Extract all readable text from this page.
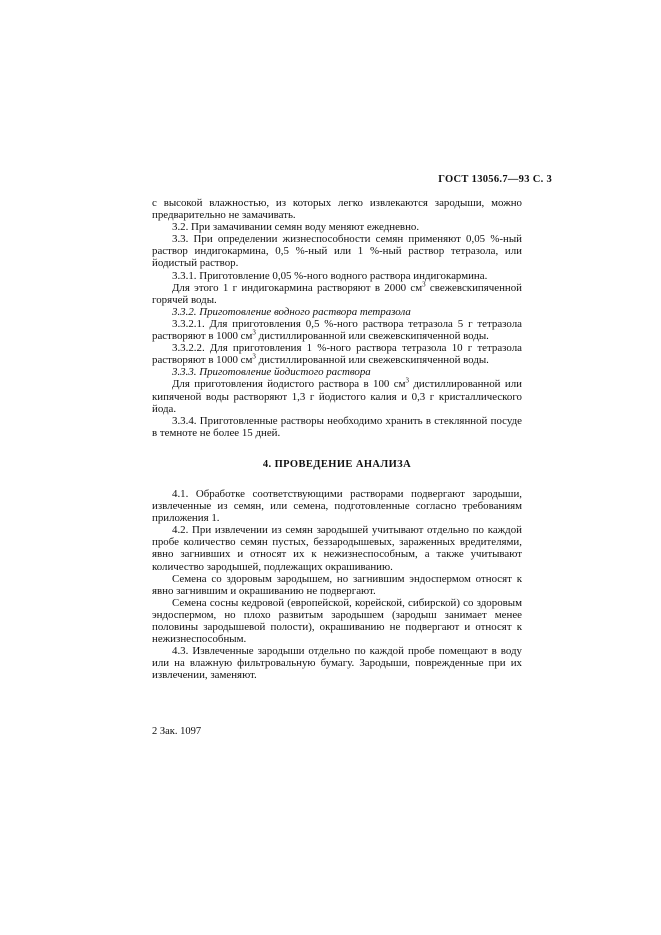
ГОСТ 13056.7—93 С. 3

с высокой влажностью, из которых легко извлекаются зародыши, можно предварительно не замачивать.

3.2. При замачивании семян воду меняют ежедневно.

3.3. При определении жизнеспособности семян применяют 0,05 %-ный раствор индигокармина, 0,5 %-ный или 1 %-ный раствор тетразола, или йодистый раствор.

3.3.1. Приготовление 0,05 %-ного водного раствора индигокармина.

Для этого 1 г индигокармина растворяют в 2000 $см^3$ свежевскипяченной горячей воды.

3.3.2. Приготовление водного раствора тетразола

3.3.2.1. Для приготовления 0,5 %-ного раствора тетразола 5 г тетразола растворяют в 1000 $см^3$ дистиллированной или свежевскипяченной воды.

3.3.2.2. Для приготовления 1 %-ного раствора тетразола 10 г тетразола растворяют в 1000 $см^3$ дистиллированной или свежевскипяченной воды.

3.3.3. Приготовление йодистого раствора

Для приготовления йодистого раствора в 100 $см^3$ дистиллированной или кипяченой воды растворяют 1,3 г йодистого калия и 0,3 г кристаллического йода.

3.3.4. Приготовленные растворы необходимо хранить в стеклянной посуде в темноте не более 15 дней.

4. ПРОВЕДЕНИЕ АНАЛИЗА

4.1. Обработке соответствующими растворами подвергают зародыши, извлеченные из семян, или семена, подготовленные согласно требованиям приложения 1.

4.2. При извлечении из семян зародышей учитывают отдельно по каждой пробе количество семян пустых, беззародышевых, зараженных вредителями, явно загнивших и относят их к нежизнеспособным, а также учитывают количество зародышей, подлежащих окрашиванию.

Семена со здоровым зародышем, но загнившим эндоспермом относят к явно загнившим и окрашиванию не подвергают.

Семена сосны кедровой (европейской, корейской, сибирской) со здоровым эндоспермом, но плохо развитым зародышем (зародыш занимает менее половины зародышевой полости), окрашиванию не подвергают и относят к нежизнеспособным.

4.3. Извлеченные зародыши отдельно по каждой пробе помещают в воду или на влажную фильтровальную бумагу. Зародыши, поврежденные при их извлечении, заменяют.

2 Зак. 1097
